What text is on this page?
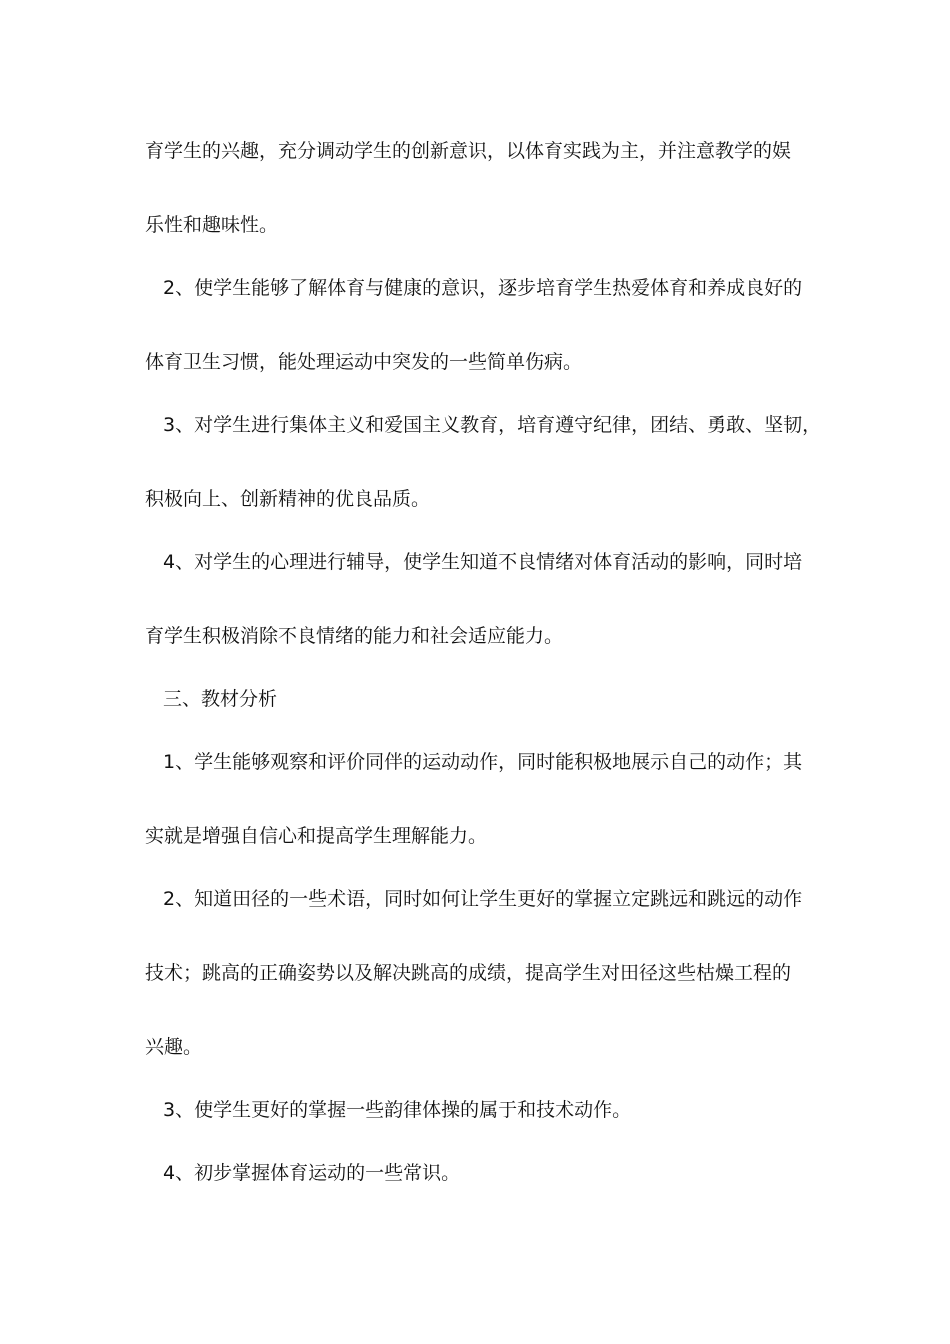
育学生的兴趣，充分调动学生的创新意识，以体育实践为主，并注意教学的娱
乐性和趣味性。
2、使学生能够了解体育与健康的意识，逐步培育学生热爱体育和养成良好的
体育卫生习惯，能处理运动中突发的一些简单伤病。
3、对学生进行集体主义和爱国主义教育，培育遵守纪律，团结、勇敢、坚韧，
积极向上、创新精神的优良品质。
4、对学生的心理进行辅导，使学生知道不良情绪对体育活动的影响，同时培
育学生积极消除不良情绪的能力和社会适应能力。
三、教材分析
1、学生能够观察和评价同伴的运动动作，同时能积极地展示自己的动作；其
实就是增强自信心和提高学生理解能力。
2、知道田径的一些术语，同时如何让学生更好的掌握立定跳远和跳远的动作
技术；跳高的正确姿势以及解决跳高的成绩，提高学生对田径这些枯燥工程的
兴趣。
3、使学生更好的掌握一些韵律体操的属于和技术动作。
4、初步掌握体育运动的一些常识。
